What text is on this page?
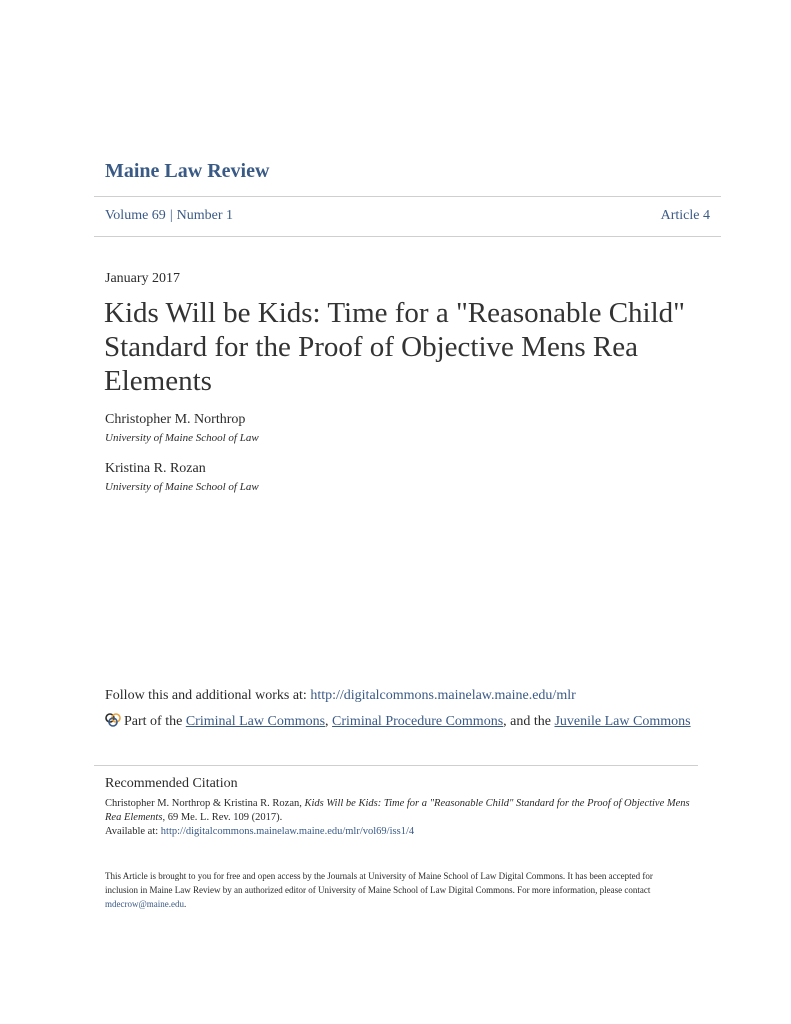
Maine Law Review
Volume 69 | Number 1	Article 4
January 2017
Kids Will be Kids: Time for a "Reasonable Child"
Standard for the Proof of Objective Mens Rea
Elements
Christopher M. Northrop
University of Maine School of Law
Kristina R. Rozan
University of Maine School of Law
Follow this and additional works at: http://digitalcommons.mainelaw.maine.edu/mlr
Part of the Criminal Law Commons, Criminal Procedure Commons, and the Juvenile Law Commons
Recommended Citation
Christopher M. Northrop & Kristina R. Rozan, Kids Will be Kids: Time for a "Reasonable Child" Standard for the Proof of Objective Mens
Rea Elements, 69 Me. L. Rev. 109 (2017).
Available at: http://digitalcommons.mainelaw.maine.edu/mlr/vol69/iss1/4
This Article is brought to you for free and open access by the Journals at University of Maine School of Law Digital Commons. It has been accepted for
inclusion in Maine Law Review by an authorized editor of University of Maine School of Law Digital Commons. For more information, please contact
mdecrow@maine.edu.
